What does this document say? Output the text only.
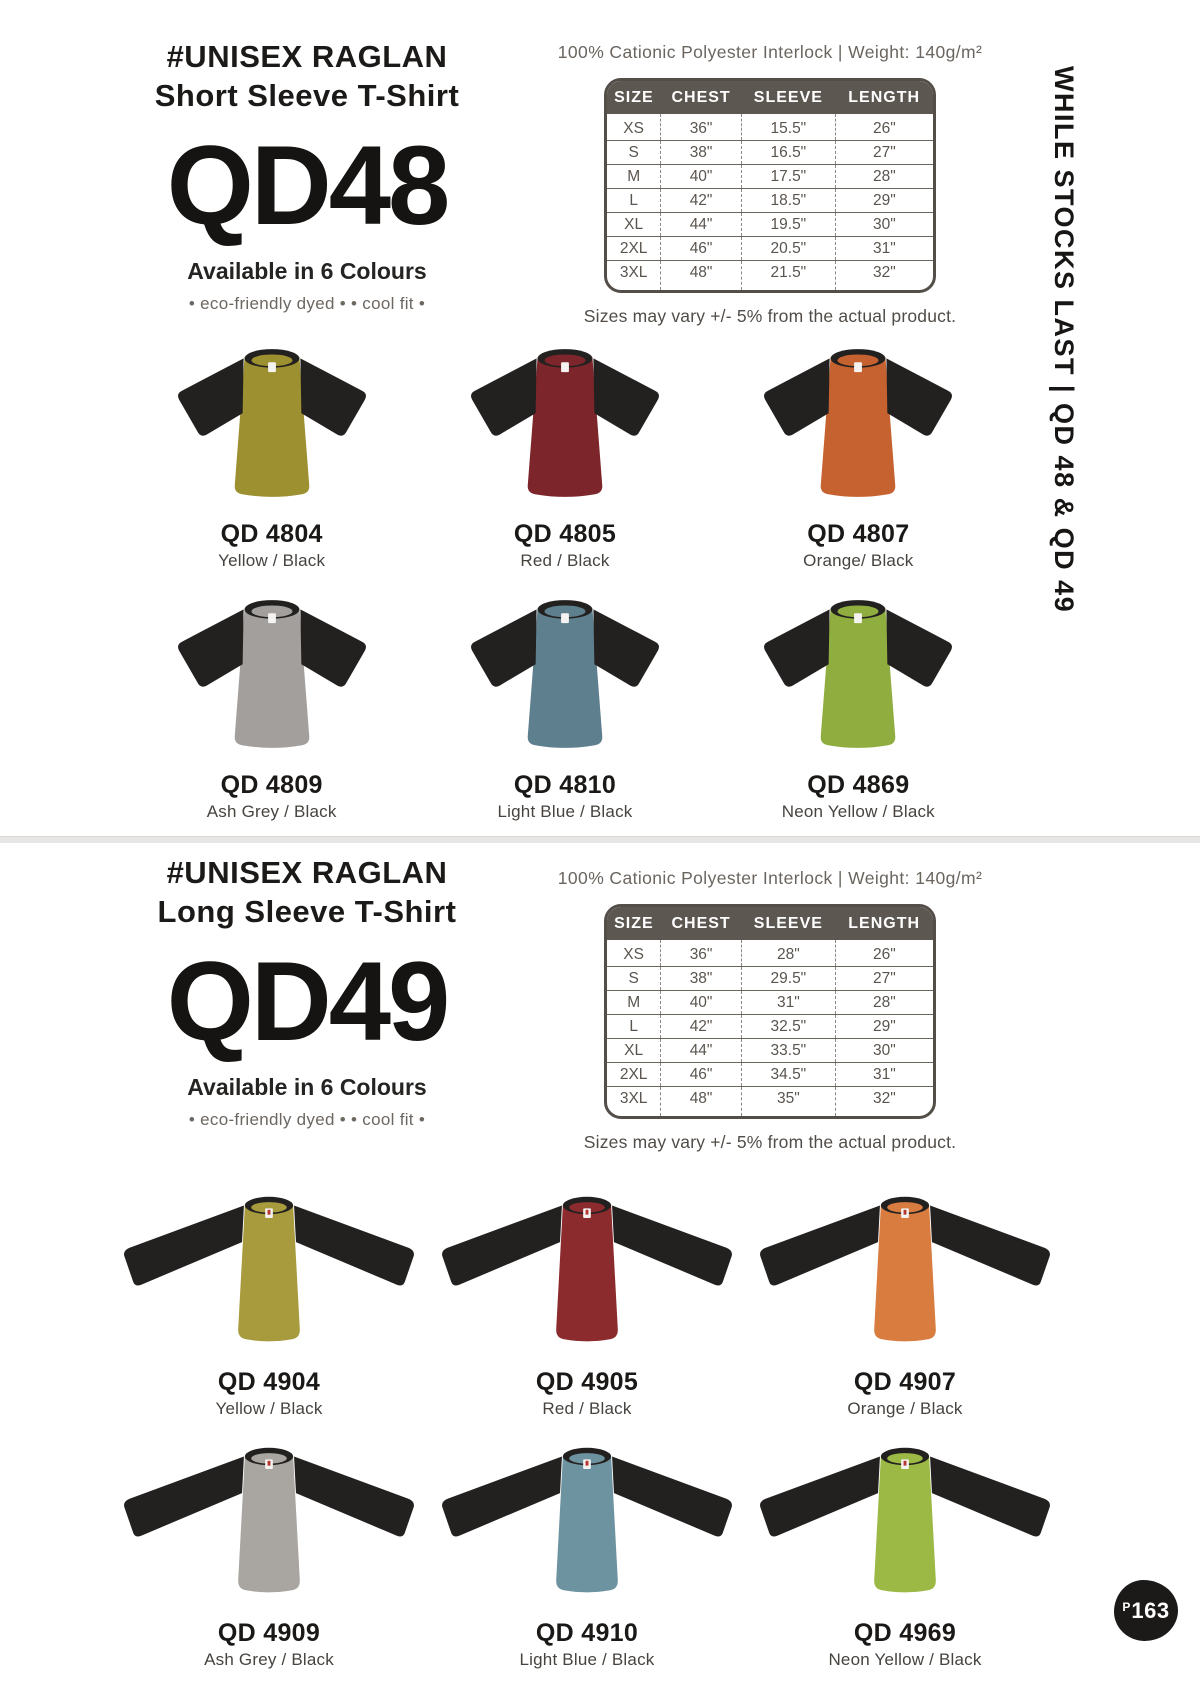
#UNISEX RAGLAN
Short Sleeve T-Shirt
QD48
Available in 6 Colours
• eco-friendly dyed • • cool fit •
100% Cationic Polyester Interlock | Weight: 140g/m²
SIZE	CHEST	SLEEVE	LENGTH
XS	36"	15.5"	26"
S	38"	16.5"	27"
M	40"	17.5"	28"
L	42"	18.5"	29"
XL	44"	19.5"	30"
2XL	46"	20.5"	31"
3XL	48"	21.5"	32"
Sizes may vary +/- 5% from the actual product.
QD 4804
Yellow / Black
QD 4805
Red / Black
QD 4807
Orange/ Black
QD 4809
Ash Grey / Black
QD 4810
Light Blue / Black
QD 4869
Neon Yellow / Black
#UNISEX RAGLAN
Long Sleeve T-Shirt
QD49
Available in 6 Colours
• eco-friendly dyed • • cool fit •
100% Cationic Polyester Interlock | Weight: 140g/m²
SIZE	CHEST	SLEEVE	LENGTH
XS	36"	28"	26"
S	38"	29.5"	27"
M	40"	31"	28"
L	42"	32.5"	29"
XL	44"	33.5"	30"
2XL	46"	34.5"	31"
3XL	48"	35"	32"
Sizes may vary +/- 5% from the actual product.
QD 4904
Yellow / Black
QD 4905
Red / Black
QD 4907
Orange / Black
QD 4909
Ash Grey / Black
QD 4910
Light Blue / Black
QD 4969
Neon Yellow / Black
WHILE STOCKS LAST | QD 48 & QD 49
P 163
